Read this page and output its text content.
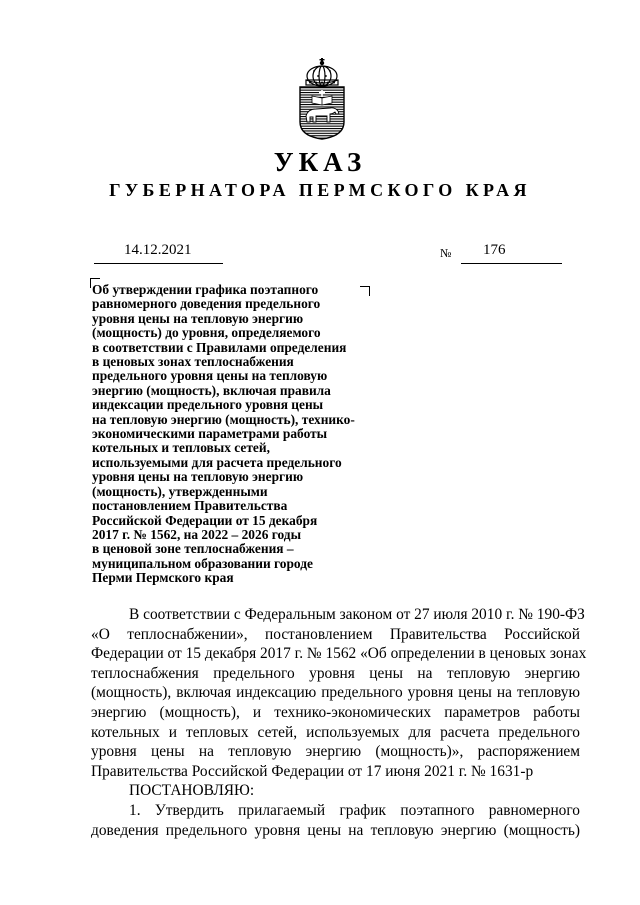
УКАЗ
ГУБЕРНАТОРА ПЕРМСКОГО КРАЯ
14.12.2021	№ 176
Об утверждении графика поэтапного
равномерного доведения предельного
уровня цены на тепловую энергию
(мощность) до уровня, определяемого
в соответствии с Правилами определения
в ценовых зонах теплоснабжения
предельного уровня цены на тепловую
энергию (мощность), включая правила
индексации предельного уровня цены
на тепловую энергию (мощность), технико-
экономическими параметрами работы
котельных и тепловых сетей,
используемыми для расчета предельного
уровня цены на тепловую энергию
(мощность), утвержденными
постановлением Правительства
Российской Федерации от 15 декабря
2017 г. № 1562, на 2022 – 2026 годы
в ценовой зоне теплоснабжения –
муниципальном образовании городе
Перми Пермского края
В соответствии с Федеральным законом от 27 июля 2010 г. № 190-ФЗ
«О теплоснабжении», постановлением Правительства Российской
Федерации от 15 декабря 2017 г. № 1562 «Об определении в ценовых зонах
теплоснабжения предельного уровня цены на тепловую энергию
(мощность), включая индексацию предельного уровня цены на тепловую
энергию (мощность), и технико-экономических параметров работы
котельных и тепловых сетей, используемых для расчета предельного
уровня цены на тепловую энергию (мощность)», распоряжением
Правительства Российской Федерации от 17 июня 2021 г. № 1631-р
ПОСТАНОВЛЯЮ:
1. Утвердить прилагаемый график поэтапного равномерного
доведения предельного уровня цены на тепловую энергию (мощность)
